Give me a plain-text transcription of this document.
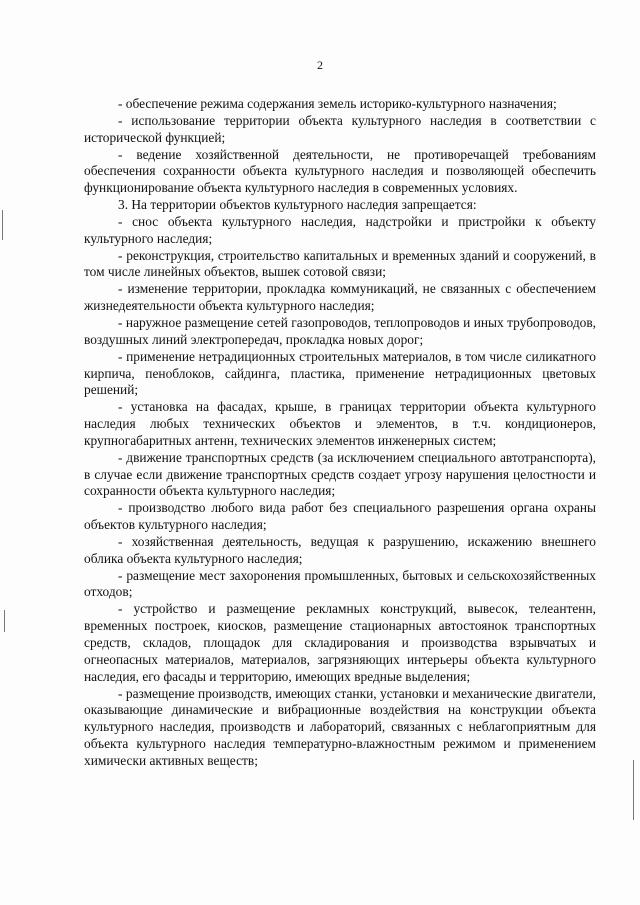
2

- обеспечение режима содержания земель историко-культурного назначения;

- использование территории объекта культурного наследия в соответствии с исторической функцией;

- ведение хозяйственной деятельности, не противоречащей требованиям обеспечения сохранности объекта культурного наследия и позволяющей обеспечить функционирование объекта культурного наследия в современных условиях.

3. На территории объектов культурного наследия запрещается:

- снос объекта культурного наследия, надстройки и пристройки к объекту культурного наследия;

- реконструкция, строительство капитальных и временных зданий и сооружений, в том числе линейных объектов, вышек сотовой связи;

- изменение территории, прокладка коммуникаций, не связанных с обеспечением жизнедеятельности объекта культурного наследия;

- наружное размещение сетей газопроводов, теплопроводов и иных трубопроводов, воздушных линий электропередач, прокладка новых дорог;

- применение нетрадиционных строительных материалов, в том числе силикатного кирпича, пеноблоков, сайдинга, пластика, применение нетрадиционных цветовых решений;

- установка на фасадах, крыше, в границах территории объекта культурного наследия любых технических объектов и элементов, в т.ч. кондиционеров, крупногабаритных антенн, технических элементов инженерных систем;

- движение транспортных средств (за исключением специального автотранспорта), в случае если движение транспортных средств создает угрозу нарушения целостности и сохранности объекта культурного наследия;

- производство любого вида работ без специального разрешения органа охраны объектов культурного наследия;

- хозяйственная деятельность, ведущая к разрушению, искажению внешнего облика объекта культурного наследия;

- размещение мест захоронения промышленных, бытовых и сельскохозяйственных отходов;

- устройство и размещение рекламных конструкций, вывесок, телеантенн, временных построек, киосков, размещение стационарных автостоянок транспортных средств, складов, площадок для складирования и производства взрывчатых и огнеопасных материалов, материалов, загрязняющих интерьеры объекта культурного наследия, его фасады и территорию, имеющих вредные выделения;

- размещение производств, имеющих станки, установки и механические двигатели, оказывающие динамические и вибрационные воздействия на конструкции объекта культурного наследия, производств и лабораторий, связанных с неблагоприятным для объекта культурного наследия температурно-влажностным режимом и применением химически активных веществ;
